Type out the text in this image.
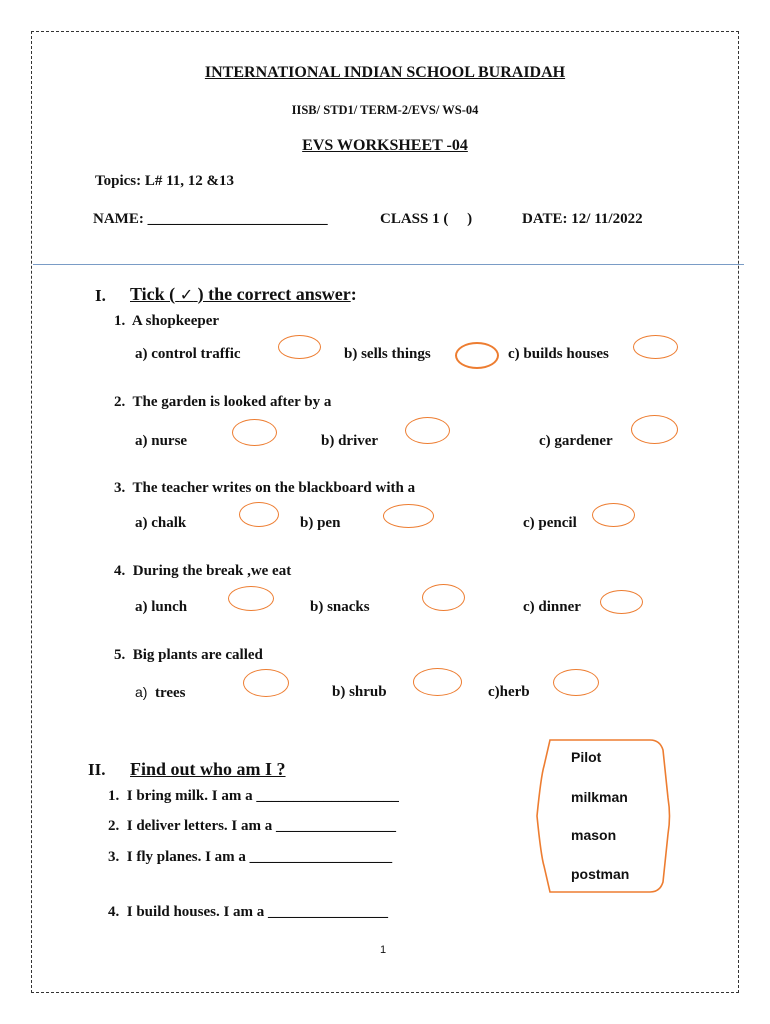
INTERNATIONAL INDIAN SCHOOL BURAIDAH
IISB/ STD1/ TERM-2/EVS/ WS-04
EVS WORKSHEET -04
Topics: L# 11, 12 &13
NAME: ________________________	CLASS 1 (     )	DATE: 12/ 11/2022
I. Tick ( ✓ ) the correct answer:
1.  A shopkeeper
a) control traffic	b) sells things	c) builds houses
2.  The garden is looked after by a
a) nurse	b) driver	c) gardener
3.  The teacher writes on the blackboard with a
a) chalk	b) pen	c) pencil
4.  During the break ,we eat
a) lunch	b) snacks	c) dinner
5.  Big plants are called
a) trees	b) shrub	c)herb
II. Find out who am I ?
1.  I bring milk. I am a ___________________
2.  I deliver letters. I am a ________________
3.  I fly planes. I am a ___________________
4.  I build houses. I am a ________________
Pilot
milkman
mason
postman
1
